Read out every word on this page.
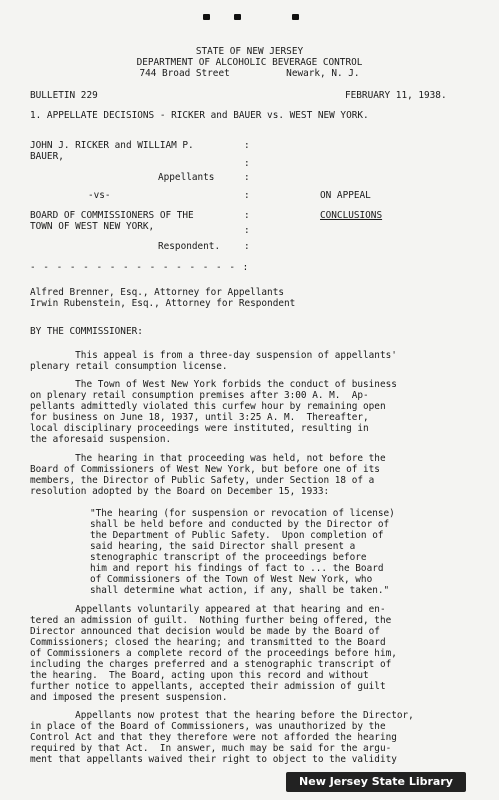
STATE OF NEW JERSEY
DEPARTMENT OF ALCOHOLIC BEVERAGE CONTROL
744 Broad Street          Newark, N. J.
BULLETIN 229	FEBRUARY 11, 1938.
1. APPELLATE DECISIONS - RICKER and BAUER vs. WEST NEW YORK.
JOHN J. RICKER and WILLIAM P.
BAUER,
Appellants
-vs-
BOARD OF COMMISSIONERS OF THE
TOWN OF WEST NEW YORK,
Respondent.
:
:
:
:
:
:
:
ON APPEAL
CONCLUSIONS
- - - - - - - - - - - - - - - - :
Alfred Brenner, Esq., Attorney for Appellants
Irwin Rubenstein, Esq., Attorney for Respondent
BY THE COMMISSIONER:
This appeal is from a three-day suspension of appellants'
plenary retail consumption license.
The Town of West New York forbids the conduct of business
on plenary retail consumption premises after 3:00 A. M.  Ap-
pellants admittedly violated this curfew hour by remaining open
for business on June 18, 1937, until 3:25 A. M.  Thereafter,
local disciplinary proceedings were instituted, resulting in
the aforesaid suspension.
The hearing in that proceeding was held, not before the
Board of Commissioners of West New York, but before one of its
members, the Director of Public Safety, under Section 18 of a
resolution adopted by the Board on December 15, 1933:
"The hearing (for suspension or revocation of license)
shall be held before and conducted by the Director of
the Department of Public Safety.  Upon completion of
said hearing, the said Director shall present a
stenographic transcript of the proceedings before
him and report his findings of fact to ... the Board
of Commissioners of the Town of West New York, who
shall determine what action, if any, shall be taken."
Appellants voluntarily appeared at that hearing and en-
tered an admission of guilt.  Nothing further being offered, the
Director announced that decision would be made by the Board of
Commissioners; closed the hearing; and transmitted to the Board
of Commissioners a complete record of the proceedings before him,
including the charges preferred and a stenographic transcript of
the hearing.  The Board, acting upon this record and without
further notice to appellants, accepted their admission of guilt
and imposed the present suspension.
Appellants now protest that the hearing before the Director,
in place of the Board of Commissioners, was unauthorized by the
Control Act and that they therefore were not afforded the hearing
required by that Act.  In answer, much may be said for the argu-
ment that appellants waived their right to object to the validity
New Jersey State Library
